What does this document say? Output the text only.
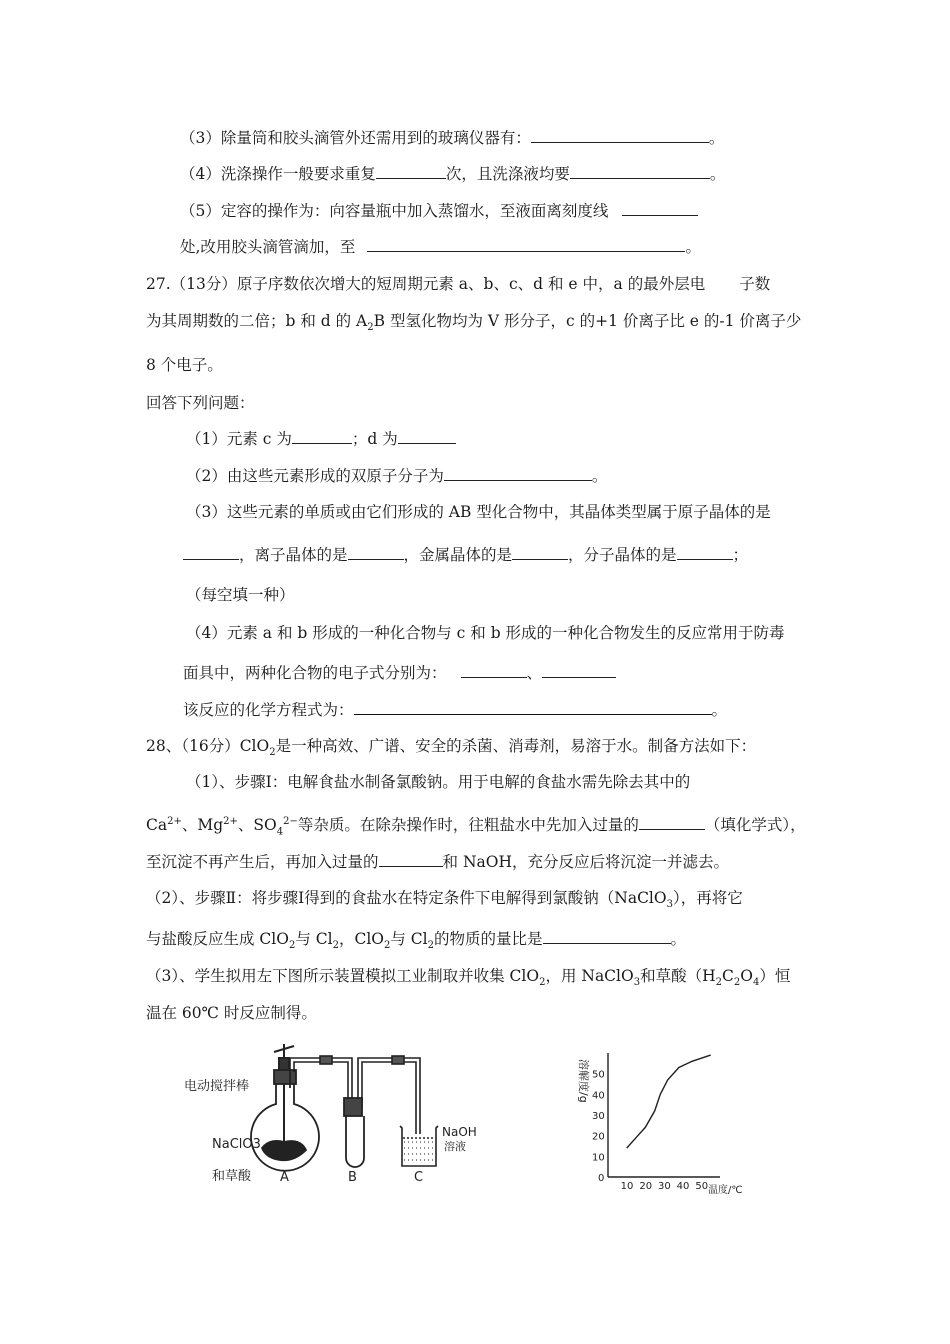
（3）除量筒和胶头滴管外还需用到的玻璃仪器有：	。
（4）洗涤操作一般要求重复	次，且洗涤液均要	。
（5）定容的操作为：向容量瓶中加入蒸馏水，至液面离刻度线
处,改用胶头滴管滴加，至	。
27.（13分）原子序数依次增大的短周期元素 a、b、c、d 和 e 中，a 的最外层电 子数
为其周期数的二倍；b 和 d 的 $A_2B$ 型氢化物均为 V 形分子，c 的+1 价离子比 e 的-1 价离子少
8 个电子。
回答下列问题：
（1）元素 c 为	；d 为
（2）由这些元素形成的双原子分子为	。
（3）这些元素的单质或由它们形成的 AB 型化合物中，其晶体类型属于原子晶体的是
，离子晶体的是	，金属晶体的是	，分子晶体的是	；
（每空填一种）
（4）元素 a 和 b 形成的一种化合物与 c 和 b 形成的一种化合物发生的反应常用于防毒
面具中，两种化合物的电子式分别为：	、
该反应的化学方程式为：	。
28、（16分）ClO$_2$是一种高效、广谱、安全的杀菌、消毒剂，易溶于水。制备方法如下：
（1）、步骤Ⅰ：电解食盐水制备氯酸钠。用于电解的食盐水需先除去其中的
$Ca^{2+}$、$Mg^{2+}$、$SO_4^{2-}$等杂质。在除杂操作时，往粗盐水中先加入过量的	（填化学式），
至沉淀不再产生后，再加入过量的	和 NaOH，充分反应后将沉淀一并滤去。
（2）、步骤Ⅱ：将步骤Ⅰ得到的食盐水在特定条件下电解得到氯酸钠（NaClO$_3$），再将它
与盐酸反应生成 ClO$_2$与 $Cl_2$，ClO$_2$与 $Cl_2$的物质的量比是	。
（3）、学生拟用左下图所示装置模拟工业制取并收集 ClO$_2$，用 NaClO$_3$和草酸$(H_2C_2O_4)$恒
温在 60℃ 时反应制得。
电动搅拌棒
NaClO3
和草酸
NaOH
溶液
A	B	C
溶解度/g
0
10 20 30 40 50
10
20
30
40
50
温度/℃
